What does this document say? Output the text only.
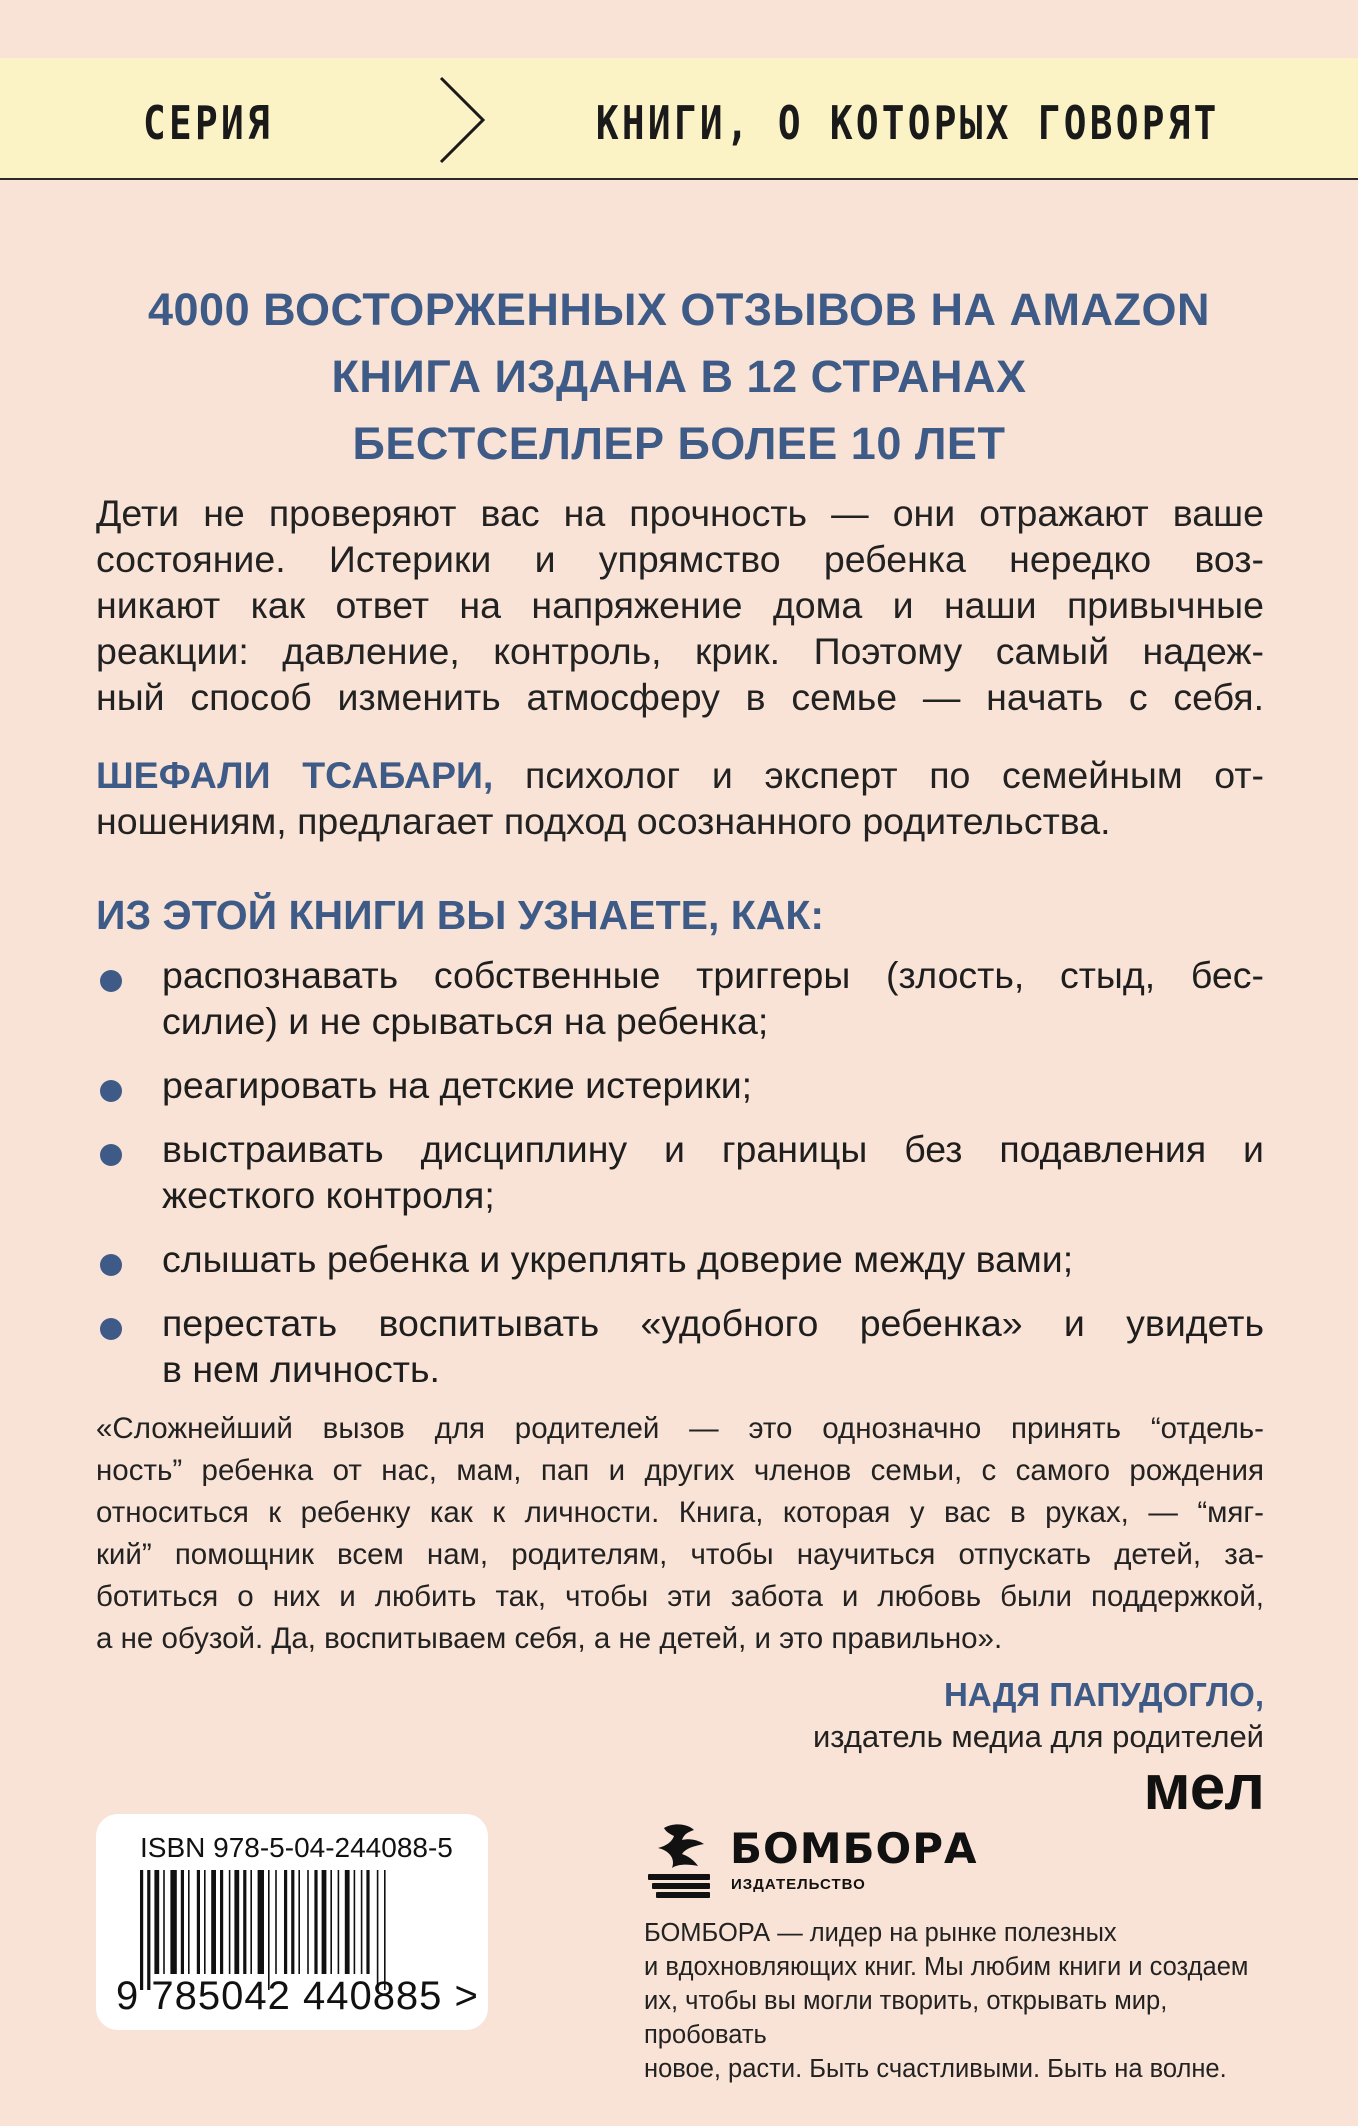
СЕРИЯ	КНИГИ, О КОТОРЫХ ГОВОРЯТ
4000 ВОСТОРЖЕННЫХ ОТЗЫВОВ НА AMAZON
КНИГА ИЗДАНА В 12 СТРАНАХ
БЕСТСЕЛЛЕР БОЛЕЕ 10 ЛЕТ
Дети не проверяют вас на прочность — они отражают ваше
состояние. Истерики и упрямство ребенка нередко воз-
никают как ответ на напряжение дома и наши привычные
реакции: давление, контроль, крик. Поэтому самый надеж-
ный способ изменить атмосферу в семье — начать с себя.
ШЕФАЛИ ТСАБАРИ, психолог и эксперт по семейным от-
ношениям, предлагает подход осознанного родительства.
ИЗ ЭТОЙ КНИГИ ВЫ УЗНАЕТЕ, КАК:
распознавать собственные триггеры (злость, стыд, бес-
силие) и не срываться на ребенка;
реагировать на детские истерики;
выстраивать дисциплину и границы без подавления и
жесткого контроля;
слышать ребенка и укреплять доверие между вами;
перестать воспитывать «удобного ребенка» и увидеть
в нем личность.
«Сложнейший вызов для родителей — это однозначно принять “отдель-
ность” ребенка от нас, мам, пап и других членов семьи, с самого рождения
относиться к ребенку как к личности. Книга, которая у вас в руках, — “мяг-
кий” помощник всем нам, родителям, чтобы научиться отпускать детей, за-
ботиться о них и любить так, чтобы эти забота и любовь были поддержкой,
а не обузой. Да, воспитываем себя, а не детей, и это правильно».
НАДЯ ПАПУДОГЛО,
издатель медиа для родителей
мел
ISBN 978-5-04-244088-5
9 785042 440885 >
БОМБОРА
ИЗДАТЕЛЬСТВО
БОМБОРА — лидер на рынке полезных
и вдохновляющих книг. Мы любим книги и создаем
их, чтобы вы могли творить, открывать мир, пробовать
новое, расти. Быть счастливыми. Быть на волне.
